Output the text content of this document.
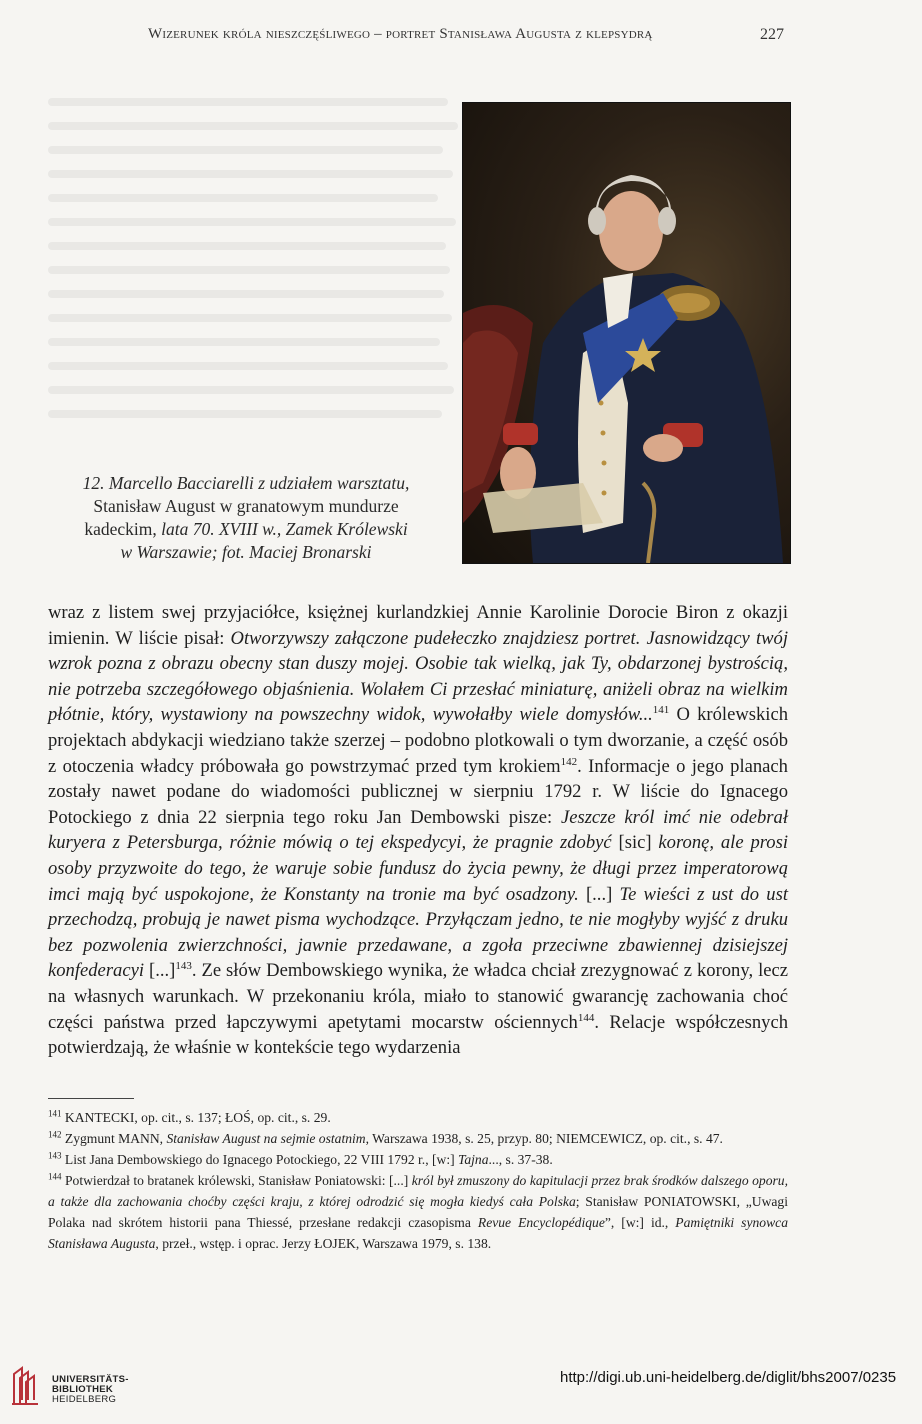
Wizerunek króla nieszczęśliwego – portret Stanisława Augusta z klepsydrą	227

12. Marcello Bacciarelli z udziałem warsztatu,

Stanisław August w granatowym mundurze

kadeckim, lata 70. XVIII w., Zamek Królewski

w Warszawie; fot. Maciej Bronarski

wraz z listem swej przyjaciółce, księżnej kurlandzkiej Annie Karolinie Dorocie Biron z okazji imienin. W liście pisał: Otworzywszy załączone pudełeczko znajdziesz portret. Jasnowidzący twój wzrok pozna z obrazu obecny stan duszy mojej. Osobie tak wielką, jak Ty, obdarzonej bystrością, nie potrzeba szczegółowego objaśnienia. Wolałem Ci przesłać miniaturę, aniżeli obraz na wielkim płótnie, który, wystawiony na powszechny widok, wywołałby wiele domysłów...$^{141}$ O królewskich projektach abdykacji wiedziano także szerzej – podobno plotkowali o tym dworzanie, a część osób z otoczenia władcy próbowała go powstrzymać przed tym krokiem$^{142}$. Informacje o jego planach zostały nawet podane do wiadomości publicznej w sierpniu 1792 r. W liście do Ignacego Potockiego z dnia 22 sierpnia tego roku Jan Dembowski pisze: Jeszcze król imć nie odebrał kuryera z Petersburga, różnie mówią o tej ekspedycyi, że pragnie zdobyć [sic] koronę, ale prosi osoby przyzwoite do tego, że waruje sobie fundusz do życia pewny, że długi przez imperatorową imci mają być uspokojone, że Konstanty na tronie ma być osadzony. [...] Te wieści z ust do ust przechodzą, probują je nawet pisma wychodzące. Przyłączam jedno, te nie mogłyby wyjść z druku bez pozwolenia zwierzchności, jawnie przedawane, a zgoła przeciwne zbawiennej dzisiejszej konfederacyi [...]$^{143}$. Ze słów Dembowskiego wynika, że władca chciał zrezygnować z korony, lecz na własnych warunkach. W przekonaniu króla, miało to stanowić gwarancję zachowania choć części państwa przed łapczywymi apetytami mocarstw ościennych$^{144}$. Relacje współczesnych potwierdzają, że właśnie w kontekście tego wydarzenia

$^{141}$ KANTECKI, op. cit., s. 137; ŁOŚ, op. cit., s. 29.

$^{142}$ Zygmunt MANN, Stanisław August na sejmie ostatnim, Warszawa 1938, s. 25, przyp. 80; NIEMCEWICZ, op. cit., s. 47.

$^{143}$ List Jana Dembowskiego do Ignacego Potockiego, 22 VIII 1792 r., [w:] Tajna..., s. 37-38.

$^{144}$ Potwierdzał to bratanek królewski, Stanisław Poniatowski: [...] król był zmuszony do kapitulacji przez brak środków dalszego oporu, a także dla zachowania choćby części kraju, z której odrodzić się mogła kiedyś cała Polska; Stanisław PONIATOWSKI, „Uwagi Polaka nad skrótem historii pana Thiessé, przesłane redakcji czasopisma Revue Encyclopédique”, [w:] id., Pamiętniki synowca Stanisława Augusta, przeł., wstęp. i oprac. Jerzy ŁOJEK, Warszawa 1979, s. 138.

UNIVERSITÄTS-
BIBLIOTHEK
HEIDELBERG
http://digi.ub.uni-heidelberg.de/diglit/bhs2007/0235
